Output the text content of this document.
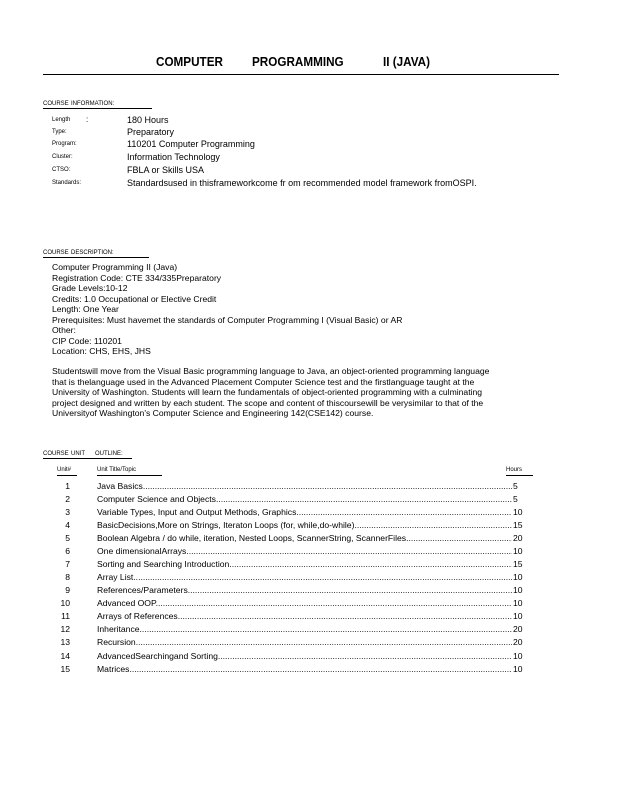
COMPUTER PROGRAMMING	II (JAVA)
COURSE INFORMATION:
Length :	180 Hours
Type:	Preparatory
Program:	110201 Computer Programming
Cluster:	Information Technology
CTSO:	FBLA or Skills USA
Standards:	Standardsused in thisframeworkcome fr om recommended model framework fromOSPI.
COURSE DESCRIPTION:
Computer Programming II (Java)
Registration Code: CTE 334/335Preparatory
Grade Levels:10-12
Credits: 1.0 Occupational or Elective Credit
Length: One Year
Prerequisites: Must havemet the standards of Computer Programming I (Visual Basic) or AR
Other:
CIP Code: 110201
Location: CHS, EHS, JHS
Studentswill move from the Visual Basic programming language to Java, an object-oriented programming language
that is thelanguage used in the Advanced Placement Computer Science test and the firstlanguage taught at the
University of Washington. Students will learn the fundamentals of object-oriented programming with a culminating
project designed and written by each student. The scope and content of thiscoursewill be verysimilar to that of the
Universityof Washington's Computer Science and Engineering 142(CSE142) course.
COURSE UNIT OUTLINE:
Unit#	Unit Title/Topic	Hours
1	Java Basics .....	5
2	Computer Science and Objects .....	5
3	Variable Types, Input and Output Methods, Graphics .....	10
4	BasicDecisions,More on Strings, Iteraton Loops (for, while,do-while) .....	15
5	Boolean Algebra / do while, iteration, Nested Loops, ScannerString, ScannerFiles .....	20
6	One dimensionalArrays .....	10
7	Sorting and Searching Introduction .....	15
8	Array List .....	10
9	References/Parameters .....	10
10	Advanced OOP .....	10
11	Arrays of References .....	10
12	Inheritance .....	20
13	Recursion .....	20
14	AdvancedSearchingand Sorting .....	10
15	Matrices .....	10
